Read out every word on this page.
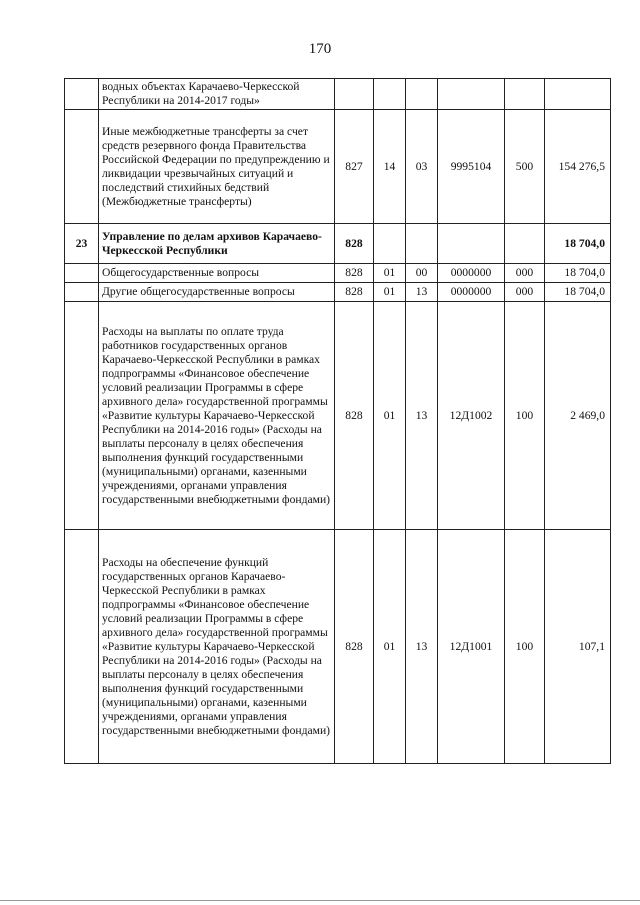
170
	водных объектах Карачаево-Черкесской Республики на 2014-2017 годы»						
	Иные межбюджетные трансферты за счет средств резервного фонда Правительства Российской Федерации по предупреждению и ликвидации чрезвычайных ситуаций и последствий стихийных бедствий (Межбюджетные трансферты)	827	14	03	9995104	500	154 276,5
23	Управление по делам архивов Карачаево-Черкесской Республики	828					18 704,0
	Общегосударственные вопросы	828	01	00	0000000	000	18 704,0
	Другие общегосударственные вопросы	828	01	13	0000000	000	18 704,0
	Расходы на выплаты по оплате труда работников государственных органов Карачаево-Черкесской Республики в рамках подпрограммы «Финансовое обеспечение условий реализации Программы в сфере архивного дела» государственной программы «Развитие культуры Карачаево-Черкесской Республики на 2014-2016 годы» (Расходы на выплаты персоналу в целях обеспечения выполнения функций государственными (муниципальными) органами, казенными учреждениями, органами управления государственными внебюджетными фондами)	828	01	13	12Д1002	100	2 469,0
	Расходы на обеспечение функций государственных органов Карачаево-Черкесской Республики в рамках подпрограммы «Финансовое обеспечение условий реализации Программы в сфере архивного дела» государственной программы «Развитие культуры Карачаево-Черкесской Республики на 2014-2016 годы» (Расходы на выплаты персоналу в целях обеспечения выполнения функций государственными (муниципальными) органами, казенными учреждениями, органами управления государственными внебюджетными фондами)	828	01	13	12Д1001	100	107,1
